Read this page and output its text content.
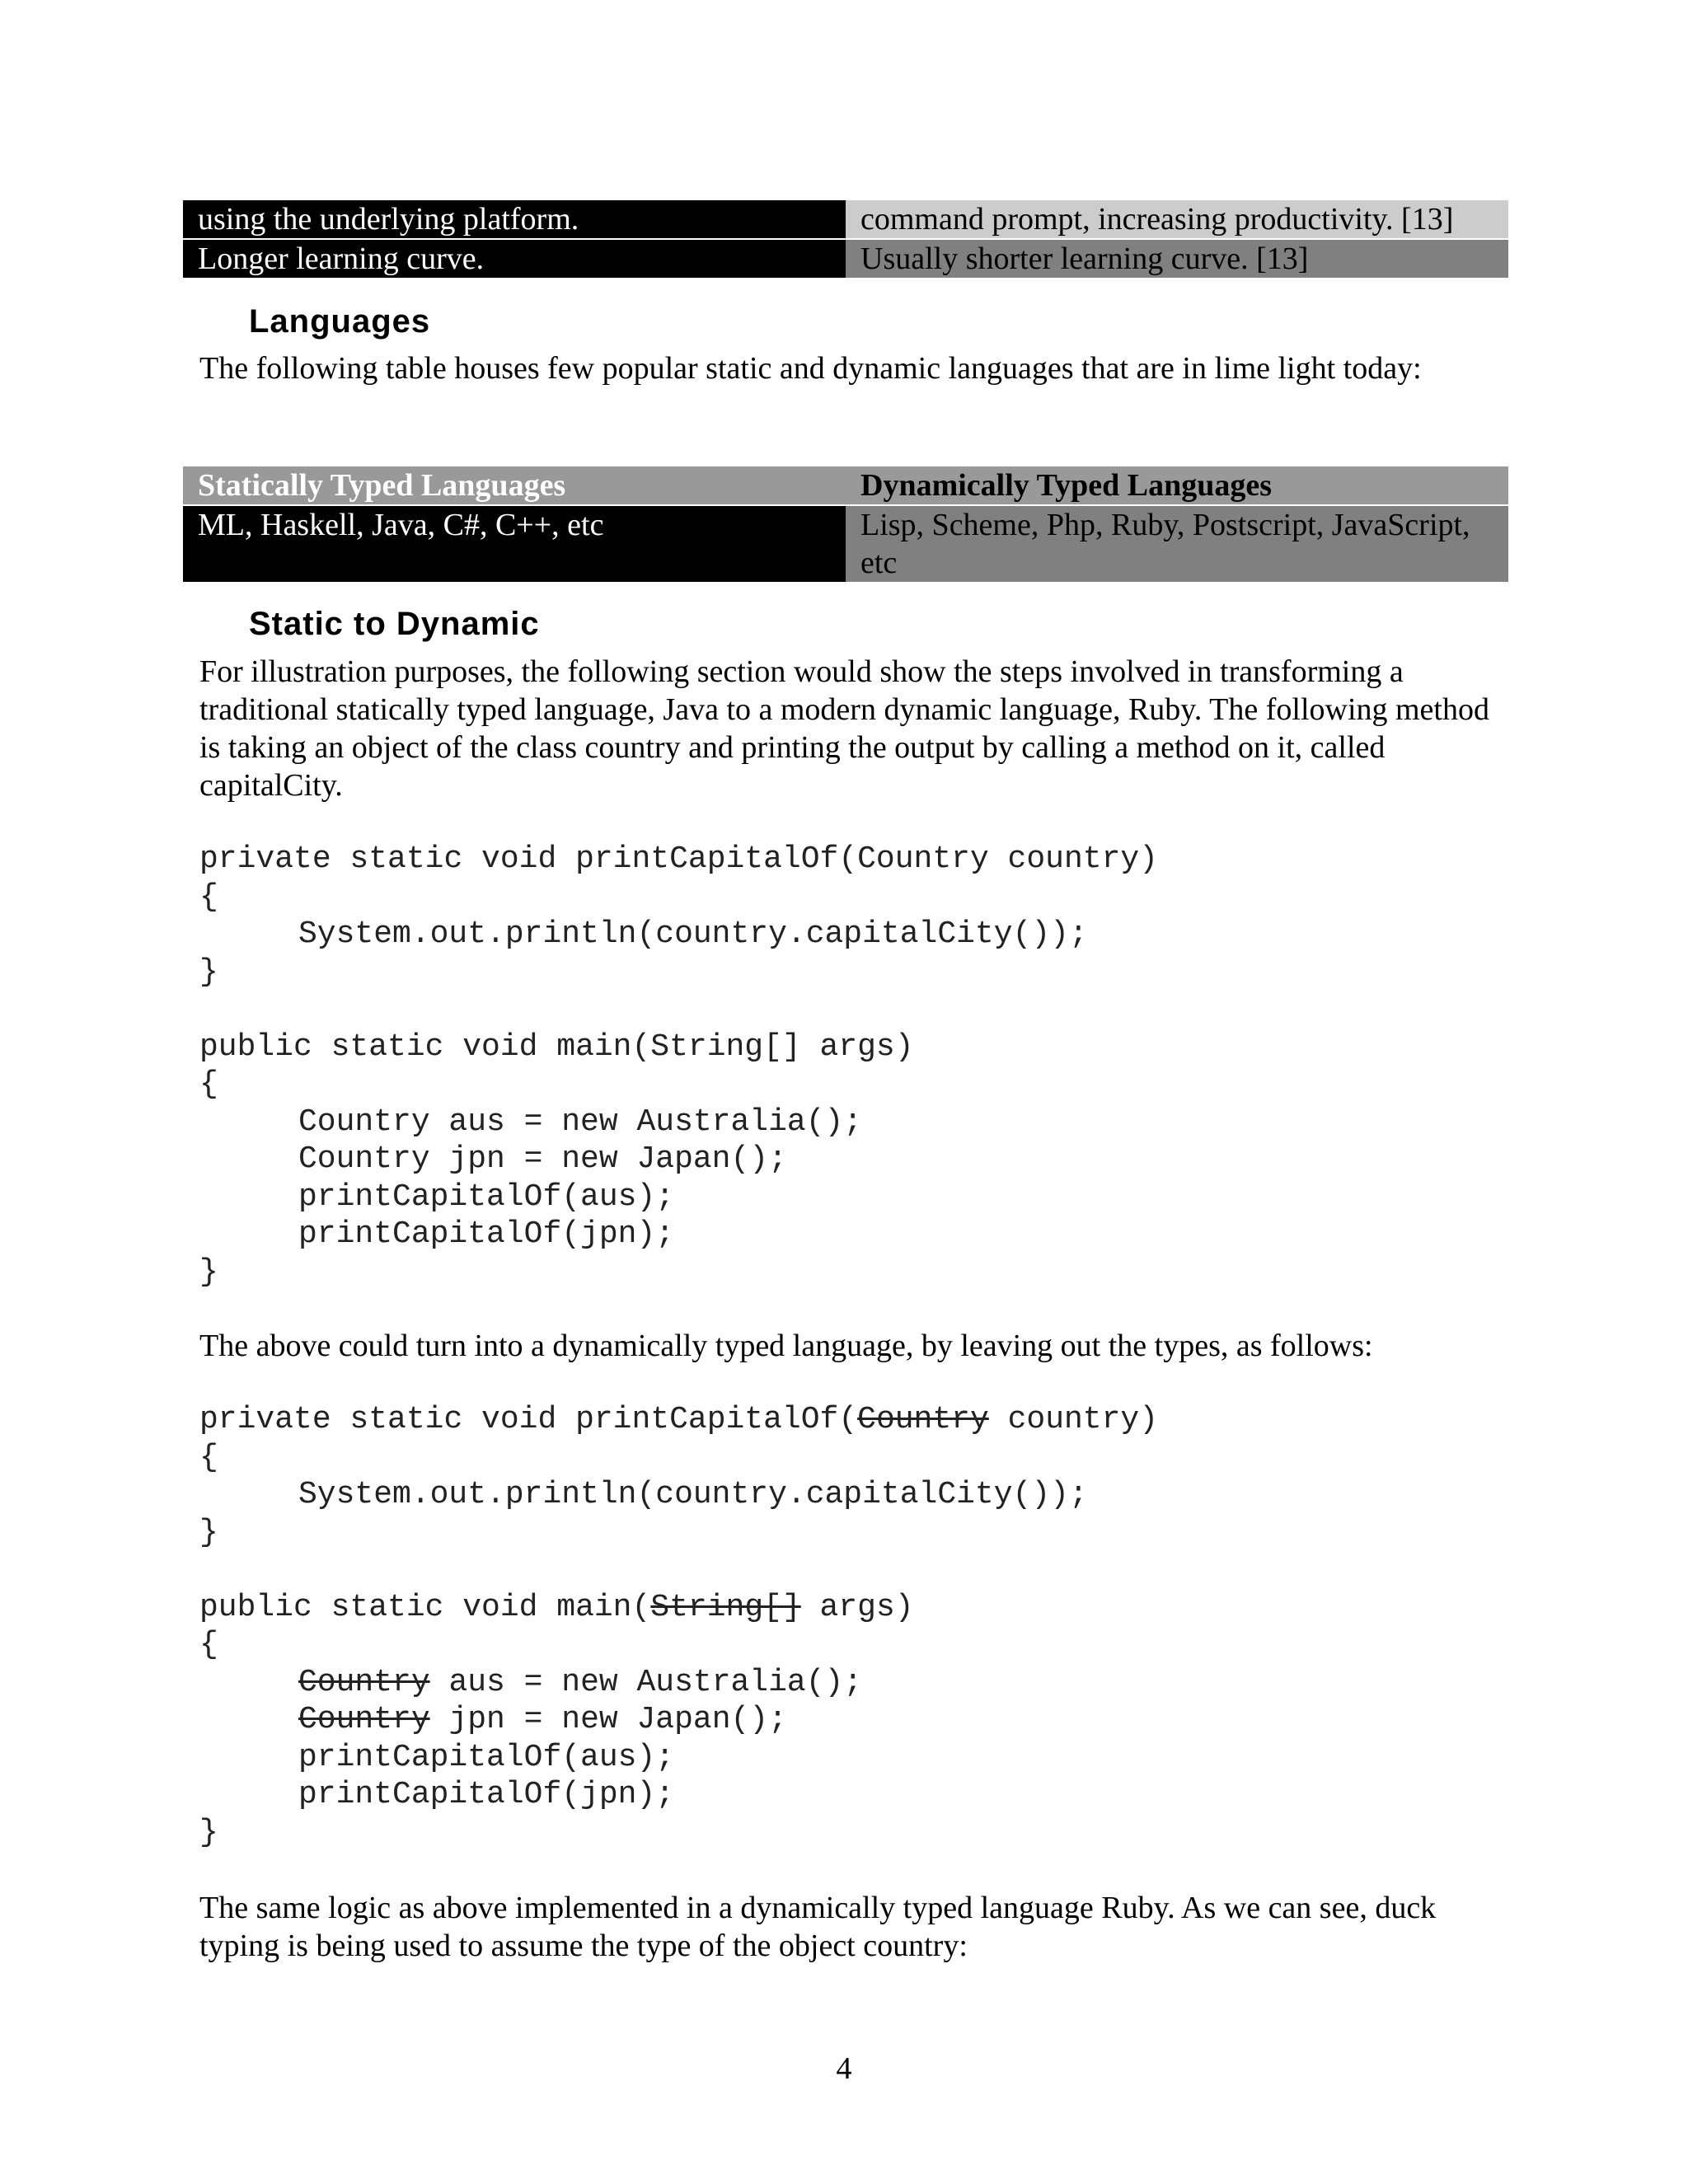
using the underlying platform.	command prompt, increasing productivity. [13]
Longer learning curve.	Usually shorter learning curve. [13]
Languages

The following table houses few popular static and dynamic languages that are in lime light today:

Statically Typed Languages	Dynamically Typed Languages
ML, Haskell, Java, C#, C++, etc	Lisp, Scheme, Php, Ruby, Postscript, JavaScript, etc
Static to Dynamic

For illustration purposes, the following section would show the steps involved in transforming a traditional statically typed language, Java to a modern dynamic language, Ruby. The following method is taking an object of the class country and printing the output by calling a method on it, called capitalCity.

private static void printCapitalOf(Country country)
{
System.out.println(country.capitalCity());
}

public static void main(String[] args)
{
Country aus = new Australia();
Country jpn = new Japan();
printCapitalOf(aus);
printCapitalOf(jpn);
}

The above could turn into a dynamically typed language, by leaving out the types, as follows:

private static void printCapitalOf(Country country)
{
System.out.println(country.capitalCity());
}

public static void main(String[] args)
{
Country aus = new Australia();
Country jpn = new Japan();
printCapitalOf(aus);
printCapitalOf(jpn);
}

The same logic as above implemented in a dynamically typed language Ruby. As we can see, duck typing is being used to assume the type of the object country:

4
